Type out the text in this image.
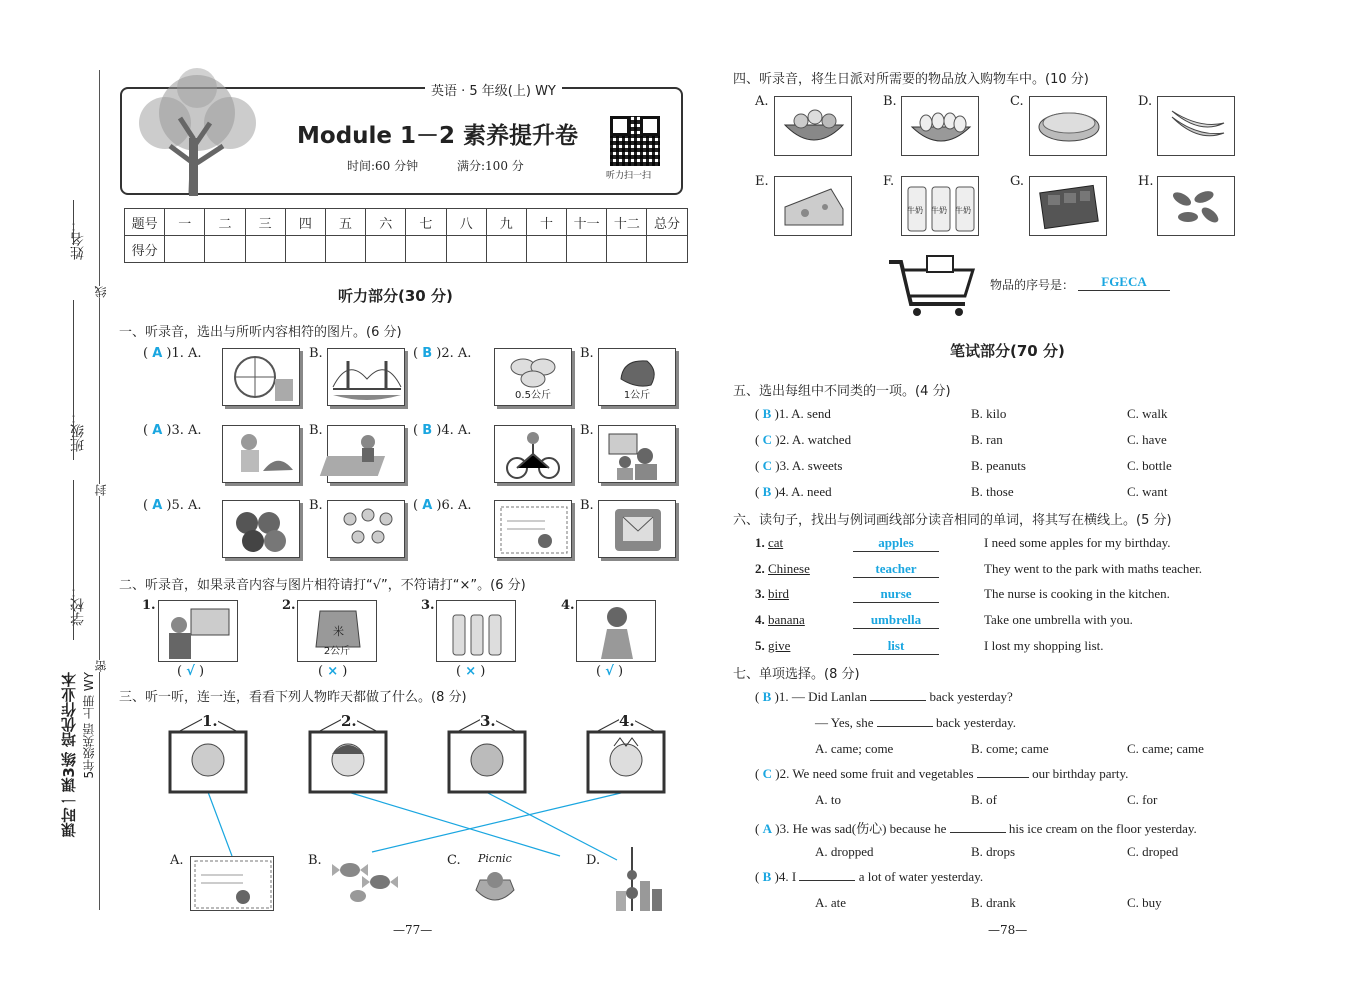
姓名：
班级：
学校：
线
封
密
课时一课3练 培优作业本 5年级英语 上册 WY
英语 · 5 年级(上) WY
Module 1－2 素养提升卷
时间:60 分钟	满分:100 分
听力扫一扫
题号	一	二	三	四	五	六	七	八	九	十	十一	十二	总分
得分													
听力部分(30 分)
一、听录音，选出与所听内容相符的图片。(6 分)
( A )1. A.	B.	( B )2. A.
0.5公斤
B.
1公斤
( A )3. A.	B.	( B )4. A.	B.
( A )5. A.	B.	( A )6. A.	B.
二、听录音，如果录音内容与图片相符请打“√”，不符请打“×”。(6 分)
1.
( √ )
2.
米
2公斤
( × )
3.
( × )
4.
( √ )
三、听一听，连一连，看看下列人物昨天都做了什么。(8 分)
1.	2.	3.	4.
A.	B.	C. Picnic	D.
—77—
四、听录音，将生日派对所需要的物品放入购物车中。(10 分)
A.	B.	C.	D.
E.	F.
牛奶 牛奶 牛奶
G.	H.
物品的序号是：	FGECA
笔试部分(70 分)
五、选出每组中不同类的一项。(4 分)
( B )1. A. send	B. kilo	C. walk
( C )2. A. watched	B. ran	C. have
( C )3. A. sweets	B. peanuts	C. bottle
( B )4. A. need	B. those	C. want
六、读句子，找出与例词画线部分读音相同的单词，将其写在横线上。(5 分)
1. cat	apples	I need some apples for my birthday.
2. Chinese	teacher	They went to the park with maths teacher.
3. bird	nurse	The nurse is cooking in the kitchen.
4. banana	umbrella	Take one umbrella with you.
5. give	list	I lost my shopping list.
七、单项选择。(8 分)
( B )1. — Did Lanlan	back yesterday?
— Yes, she	back yesterday.
A. came; come	B. come; came	C. came; came
( C )2. We need some fruit and vegetables	our birthday party.
A. to	B. of	C. for
( A )3. He was sad(伤心) because he	his ice cream on the floor yesterday.
A. dropped	B. drops	C. droped
( B )4. I	a lot of water yesterday.
A. ate	B. drank	C. buy
—78—
